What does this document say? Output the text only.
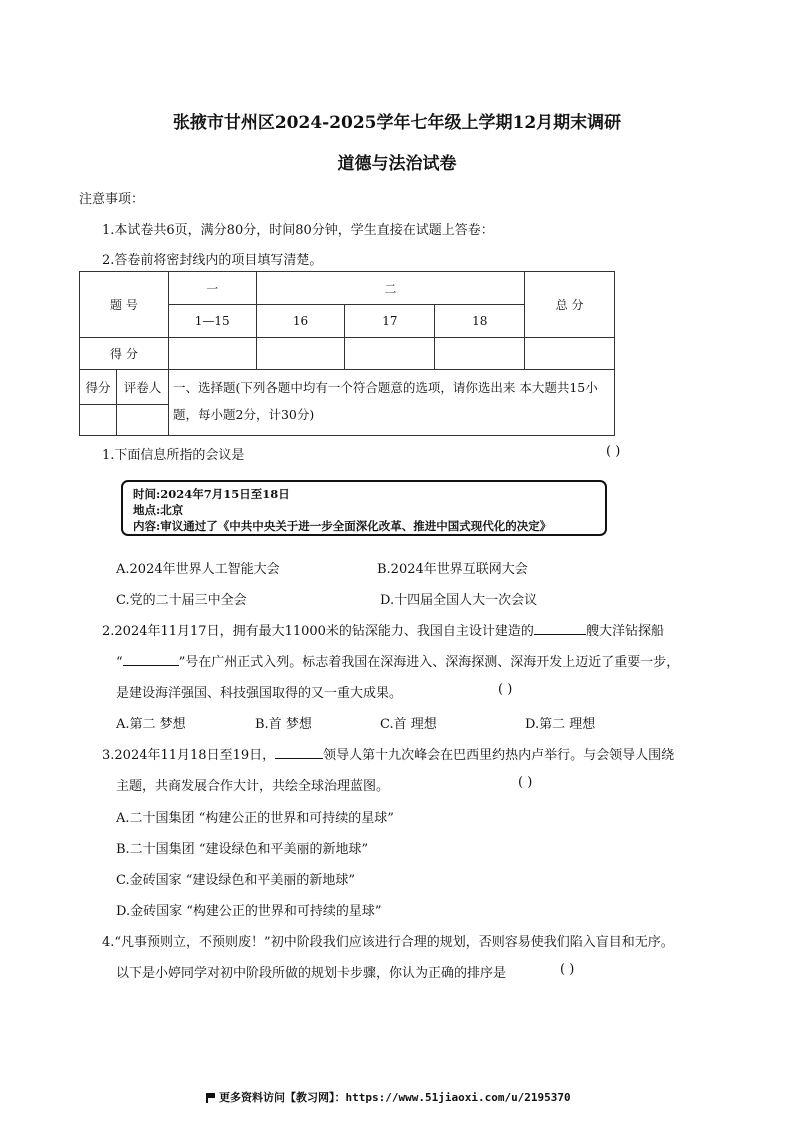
张掖市甘州区2024-2025学年七年级上学期12月期末调研
道德与法治试卷
注意事项：
1.本试卷共6页，满分80分，时间80分钟，学生直接在试题上答卷：
2.答卷前将密封线内的项目填写清楚。
题 号	一	二			总 分
	1—15	16	17	18	
得 分					
得分	评卷人	一、选择题(下列各题中均有一个符合题意的选项，请你选出来 本大题共15小题，每小题2分，计30分)

1.下面信息所指的会议是	( )
时间:2024年7月15日至18日
地点:北京
内容:审议通过了《中共中央关于进一步全面深化改革、推进中国式现代化的决定》
A.2024年世界人工智能大会	B.2024年世界互联网大会
C.党的二十届三中全会	D.十四届全国人大一次会议
2.2024年11月17日，拥有最大11000米的钻深能力、我国自主设计建造的	艘大洋钻探船
“	”号在广州正式入列。标志着我国在深海进入、深海探测、深海开发上迈近了重要一步，
是建设海洋强国、科技强国取得的又一重大成果。	( )
A.第二 梦想	B.首 梦想	C.首 理想	D.第二 理想
3.2024年11月18日至19日，	领导人第十九次峰会在巴西里约热内卢举行。与会领导人围绕
主题，共商发展合作大计，共绘全球治理蓝图。	( )
A.二十国集团 “构建公正的世界和可持续的星球”
B.二十国集团 “建设绿色和平美丽的新地球”
C.金砖国家 “建设绿色和平美丽的新地球”
D.金砖国家 “构建公正的世界和可持续的星球”
4.“凡事预则立，不预则废！”初中阶段我们应该进行合理的规划，否则容易使我们陷入盲目和无序。
以下是小婷同学对初中阶段所做的规划卡步骤，你认为正确的排序是	( )
更多资料访问【教习网】：https://www.51jiaoxi.com/u/2195370
